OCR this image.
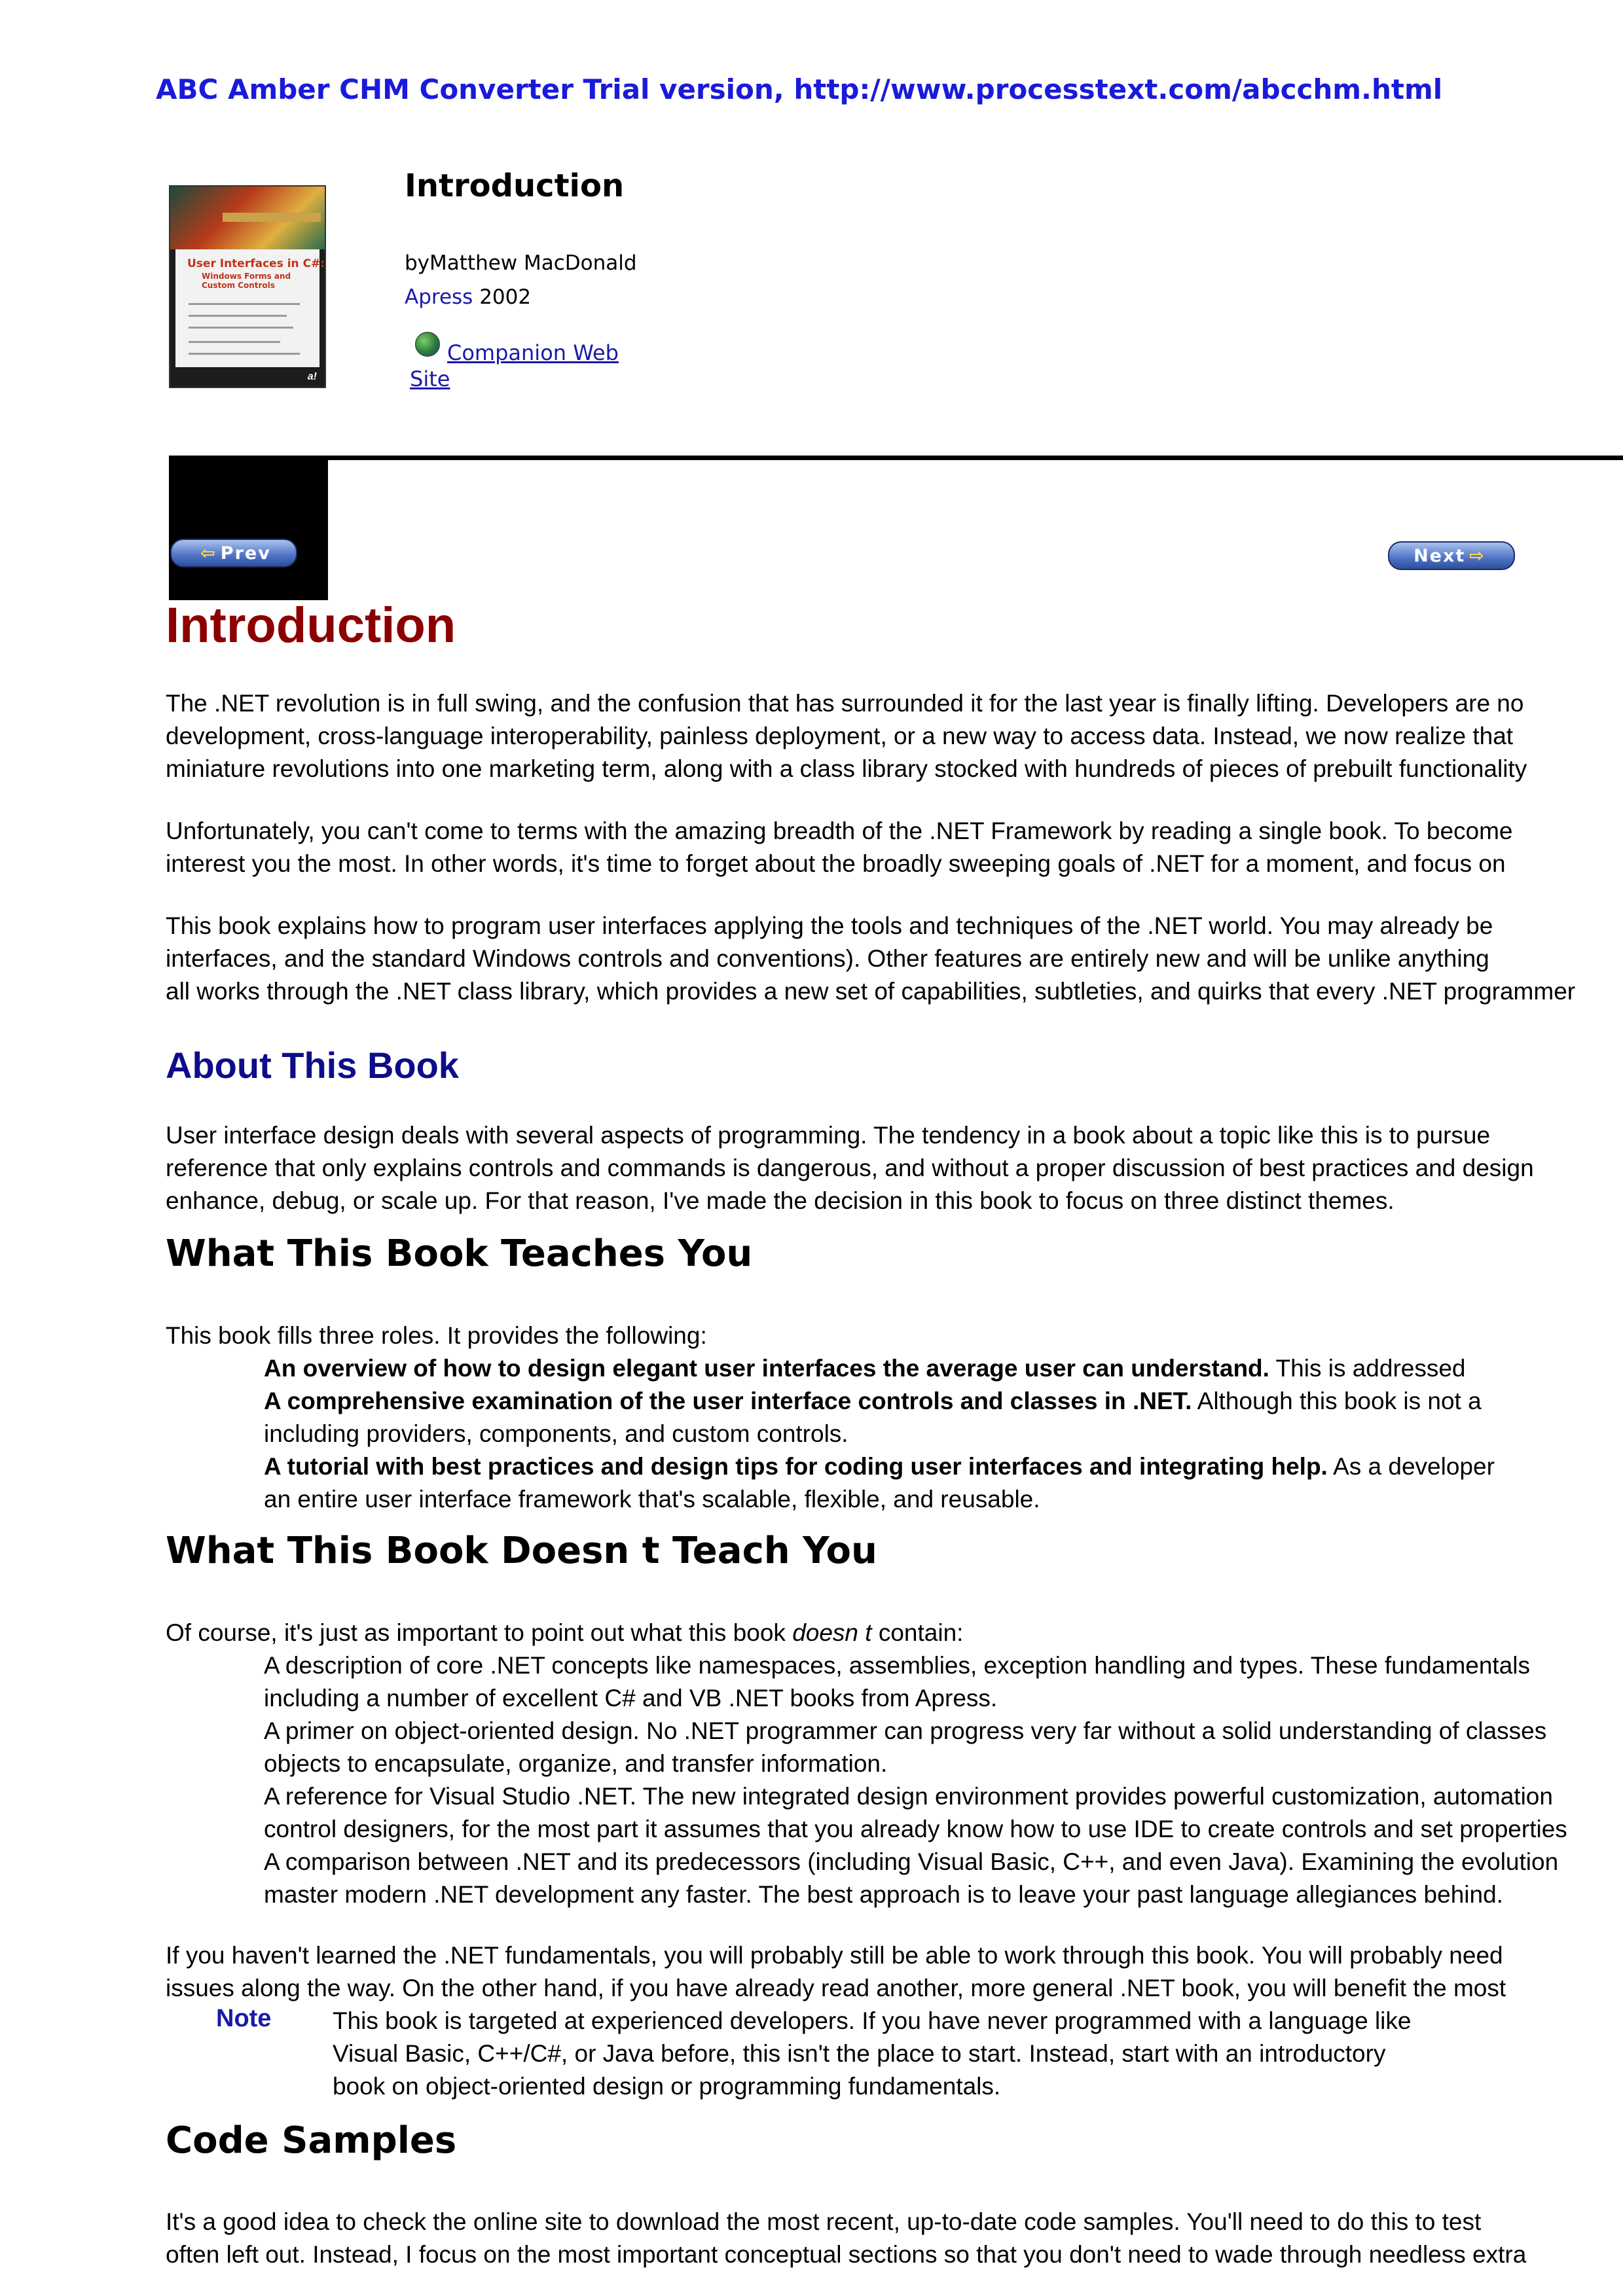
ABC Amber CHM Converter Trial version, http://www.processtext.com/abcchm.html
User Interfaces in C#:
Windows Forms and Custom Controls
a!
Introduction
byMatthew MacDonald
Apress 2002
Companion Web
Site
⇦ Prev	Next ⇨
Introduction
The .NET revolution is in full swing, and the confusion that has surrounded it for the last year is finally lifting. Developers are no
development, cross-language interoperability, painless deployment, or a new way to access data. Instead, we now realize that
miniature revolutions into one marketing term, along with a class library stocked with hundreds of pieces of prebuilt functionality
Unfortunately, you can't come to terms with the amazing breadth of the .NET Framework by reading a single book. To become
interest you the most. In other words, it's time to forget about the broadly sweeping goals of .NET for a moment, and focus on
This book explains how to program user interfaces applying the tools and techniques of the .NET world. You may already be
interfaces, and the standard Windows controls and conventions). Other features are entirely new and will be unlike anything
all works through the .NET class library, which provides a new set of capabilities, subtleties, and quirks that every .NET programmer
About This Book
User interface design deals with several aspects of programming. The tendency in a book about a topic like this is to pursue
reference that only explains controls and commands is dangerous, and without a proper discussion of best practices and design
enhance, debug, or scale up. For that reason, I've made the decision in this book to focus on three distinct themes.
What This Book Teaches You
This book fills three roles. It provides the following:
An overview of how to design elegant user interfaces the average user can understand. This is addressed
A comprehensive examination of the user interface controls and classes in .NET. Although this book is not a
including providers, components, and custom controls.
A tutorial with best practices and design tips for coding user interfaces and integrating help. As a developer
an entire user interface framework that's scalable, flexible, and reusable.
What This Book Doesn t Teach You
Of course, it's just as important to point out what this book doesn t contain:
A description of core .NET concepts like namespaces, assemblies, exception handling and types. These fundamentals
including a number of excellent C# and VB .NET books from Apress.
A primer on object-oriented design. No .NET programmer can progress very far without a solid understanding of classes
objects to encapsulate, organize, and transfer information.
A reference for Visual Studio .NET. The new integrated design environment provides powerful customization, automation
control designers, for the most part it assumes that you already know how to use IDE to create controls and set properties
A comparison between .NET and its predecessors (including Visual Basic, C++, and even Java). Examining the evolution
master modern .NET development any faster. The best approach is to leave your past language allegiances behind.
If you haven't learned the .NET fundamentals, you will probably still be able to work through this book. You will probably need
issues along the way. On the other hand, if you have already read another, more general .NET book, you will benefit the most
Note	This book is targeted at experienced developers. If you have never programmed with a language like
Visual Basic, C++/C#, or Java before, this isn't the place to start. Instead, start with an introductory
book on object-oriented design or programming fundamentals.
Code Samples
It's a good idea to check the online site to download the most recent, up-to-date code samples. You'll need to do this to test
often left out. Instead, I focus on the most important conceptual sections so that you don't need to wade through needless extra
